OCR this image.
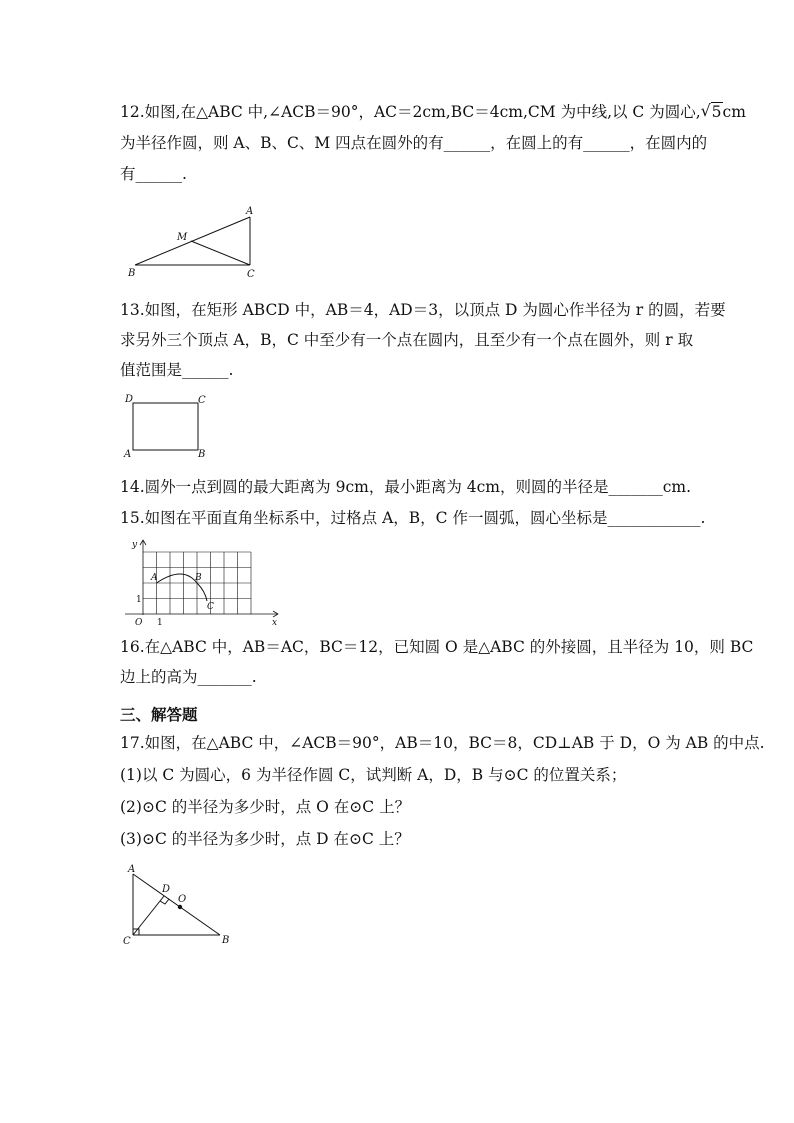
12.如图,在△ABC 中,∠ACB＝90°，AC＝2cm,BC＝4cm,CM 为中线,以 C 为圆心,√ 5cm
为半径作圆，则 A、B、C、M 四点在圆外的有______，在圆上的有______，在圆内的
有______.
A
B	C
M
13.如图，在矩形 ABCD 中，AB＝4，AD＝3，以顶点 D 为圆心作半径为 r 的圆，若要
求另外三个顶点 A，B，C 中至少有一个点在圆内，且至少有一个点在圆外，则 r 取
值范围是______.
D	C
A	B
14.圆外一点到圆的最大距离为 9cm，最小距离为 4cm，则圆的半径是_______cm.
15.如图在平面直角坐标系中，过格点 A，B，C 作一圆弧，圆心坐标是____________.
y
x
O
1
1
A	B
C
16.在△ABC 中，AB＝AC，BC＝12，已知圆 O 是△ABC 的外接圆，且半径为 10，则 BC
边上的高为_______.
三、解答题
17.如图，在△ABC 中，∠ACB＝90°，AB＝10，BC＝8，CD⊥AB 于 D，O 为 AB 的中点.
(1)以 C 为圆心，6 为半径作圆 C，试判断 A，D，B 与⊙C 的位置关系；
(2)⊙C 的半径为多少时，点 O 在⊙C 上？
(3)⊙C 的半径为多少时，点 D 在⊙C 上？
A
D
O
C	B
